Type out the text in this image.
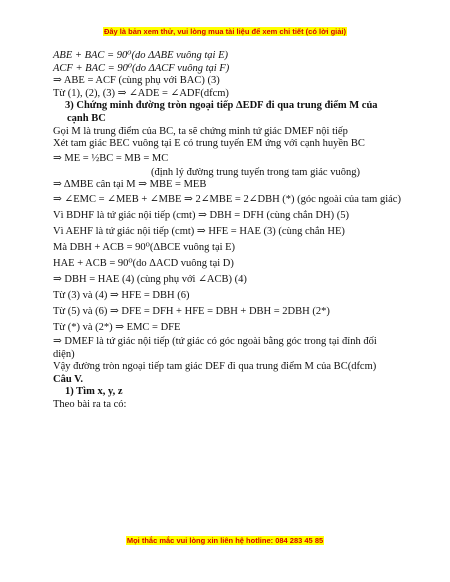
Đây là bản xem thử, vui lòng mua tài liệu để xem chi tiết (có lời giải)
ABE + BAC = 90⁰(do ΔABE vuông tại E)
ACF + BAC = 90⁰(do ΔACF vuông tại F)
⇒ ABE = ACF (cùng phụ với BAC) (3)
Từ (1), (2), (3) ⇒ ∠ADE = ∠ADF(dfcm)
3) Chứng minh đường tròn ngoại tiếp ΔEDF đi qua trung điểm M của
cạnh BC
Gọi M là trung điểm của BC, ta sẽ chứng minh tứ giác DMEF nội tiếp
Xét tam giác BEC vuông tại E có trung tuyến EM ứng với cạnh huyền BC
⇒ ME = ½BC = MB = MC
(định lý đường trung tuyến trong tam giác vuông)
⇒ ΔMBE cân tại M ⇒ MBE = MEB
⇒ ∠EMC = ∠MEB + ∠MBE ⇒ 2∠MBE = 2∠DBH (*) (góc ngoài của tam giác)
Vì BDHF là tứ giác nội tiếp (cmt) ⇒ DBH = DFH (cùng chắn DH) (5)
Vì AEHF là tứ giác nội tiếp (cmt) ⇒ HFE = HAE (3) (cùng chắn HE)
Mà DBH + ACB = 90⁰(ΔBCE vuông tại E)
HAE + ACB = 90⁰(do ΔACD vuông tại D)
⇒ DBH = HAE (4) (cùng phụ với ∠ACB) (4)
Từ (3) và (4) ⇒ HFE = DBH (6)
Từ (5) và (6) ⇒ DFE = DFH + HFE = DBH + DBH = 2DBH (2*)
Từ (*) và (2*) ⇒ EMC = DFE
⇒ DMEF là tứ giác nội tiếp (tứ giác có góc ngoài bằng góc trong tại đỉnh đối diện)
Vậy đường tròn ngoại tiếp tam giác DEF đi qua trung điểm M của BC(dfcm)
Câu V.
1) Tìm x, y, z
Theo bài ra ta có:
Mọi thắc mắc vui lòng xin liên hệ hotline: 084 283 45 85
